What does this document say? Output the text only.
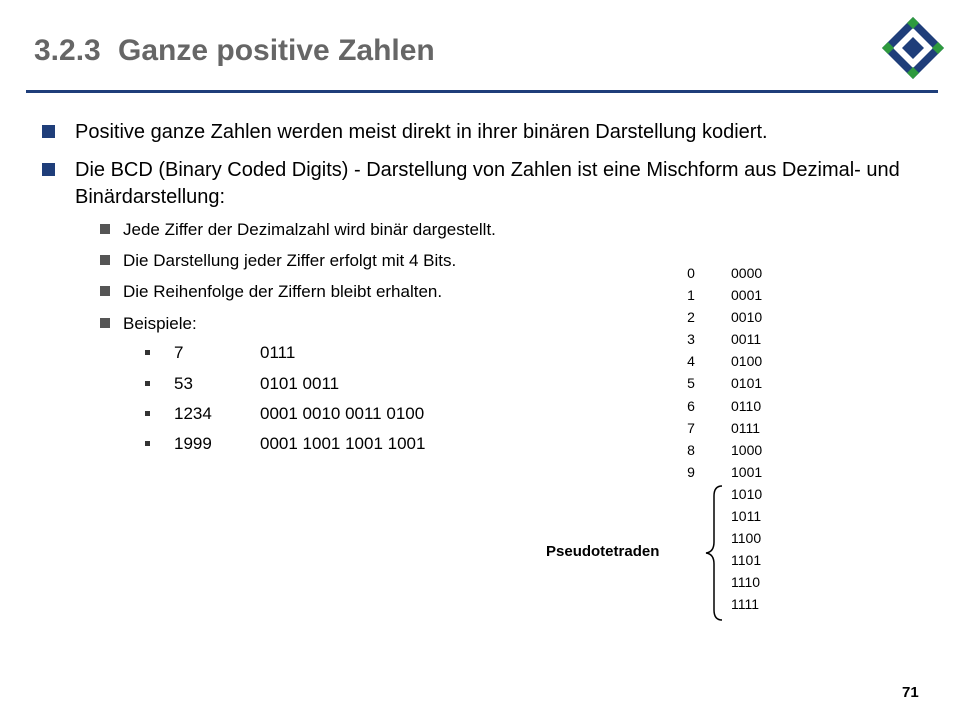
3.2.3 Ganze positive Zahlen
Positive ganze Zahlen werden meist direkt in ihrer binären Darstellung kodiert.
Die BCD (Binary Coded Digits) - Darstellung von Zahlen ist eine Mischform aus Dezimal- und Binärdarstellung:
Jede Ziffer der Dezimalzahl wird binär dargestellt.
Die Darstellung jeder Ziffer erfolgt mit 4 Bits.
Die Reihenfolge der Ziffern bleibt erhalten.
Beispiele:
7	0111
53	0101 0011
1234	0001 0010 0011 0100
1999	0001 1001 1001 1001
0	0000
1	0001
2	0010
3	0011
4	0100
5	0101
6	0110
7	0111
8	1000
9	1001
1010
1011
1100
1101
1110
1111
Pseudotetraden
71
